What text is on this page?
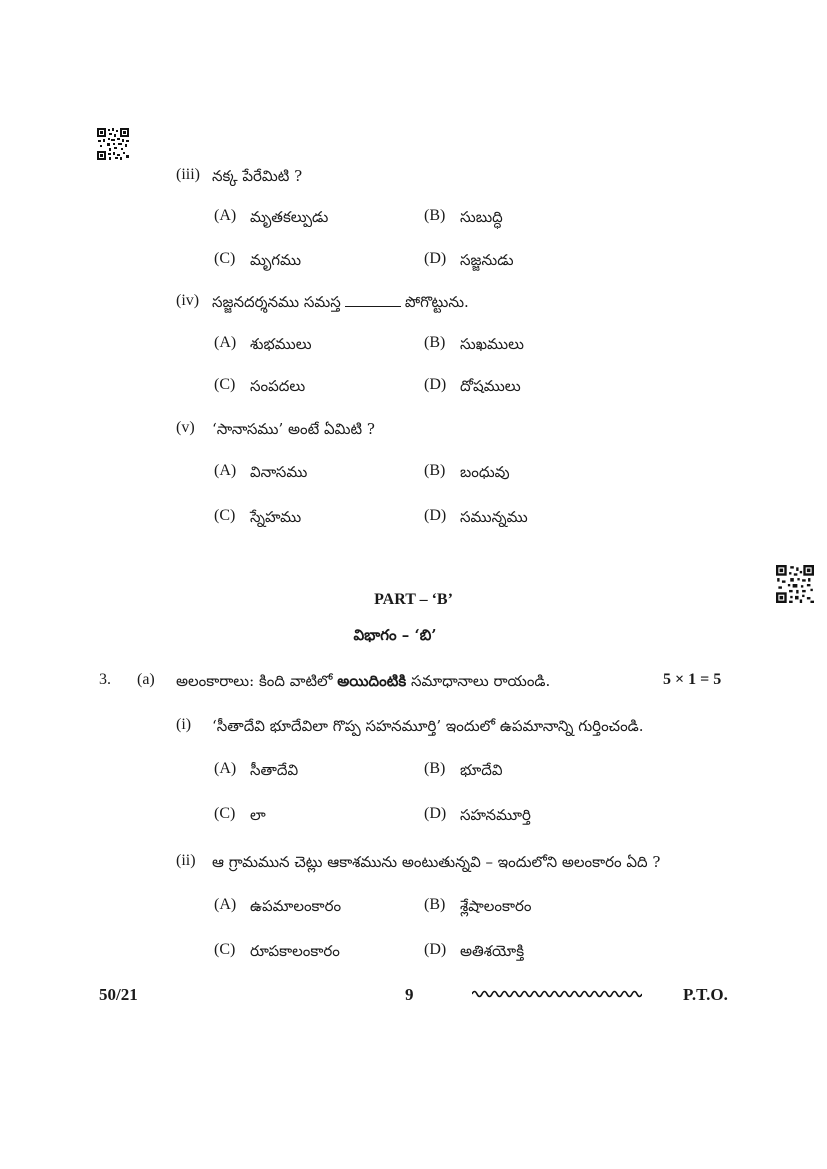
(iii) నక్క పేరేమిటి ?
(A) మృతకల్పుడు	(B) సుబుద్ధి
(C) మృగము	(D) సజ్జనుడు
(iv) సజ్జనదర్శనము సమస్త	పోగొట్టును.
(A) శుభములు	(B) సుఖములు
(C) సంపదలు	(D) దోషములు
(v) ‘సానాసము’ అంటే ఏమిటి ?
(A) వినాసము	(B) బంధువు
(C) స్నేహము	(D) సమున్నము
PART – ‘B’
విభాగం – ‘బి’
3. (a) అలంకారాలు: కింది వాటిలో అయిదింటికి సమాధానాలు రాయండి.	5 × 1 = 5
(i) ‘సీతాదేవి భూదేవిలా గొప్ప సహనమూర్తి’ ఇందులో ఉపమానాన్ని గుర్తించండి.
(A) సీతాదేవి	(B) భూదేవి
(C) లా	(D) సహనమూర్తి
(ii) ఆ గ్రామమున చెట్లు ఆకాశమును అంటుతున్నవి – ఇందులోని అలంకారం ఏది ?
(A) ఉపమాలంకారం	(B) శ్లేషాలంకారం
(C) రూపకాలంకారం	(D) అతిశయోక్తి
50/21	9	P.T.O.
